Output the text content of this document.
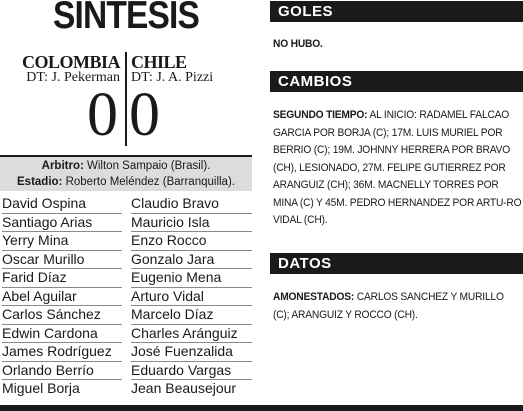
SINTESIS
COLOMBIA CHILE
DT: J. Pekerman DT: J. A. Pizzi
0 0
Arbitro: Wilton Sampaio (Brasil).
Estadio: Roberto Meléndez (Barranquilla).
David Ospina
Santiago Arias
Yerry Mina
Oscar Murillo
Farid Díaz
Abel Aguilar
Carlos Sánchez
Edwin Cardona
James Rodríguez
Orlando Berrío
Miguel Borja
Claudio Bravo
Mauricio Isla
Enzo Rocco
Gonzalo Jara
Eugenio Mena
Arturo Vidal
Marcelo Díaz
Charles Aránguiz
José Fuenzalida
Eduardo Vargas
Jean Beausejour
GOLES
NO HUBO.
CAMBIOS
SEGUNDO TIEMPO: AL INICIO: RADAMEL FALCAO GARCIA POR BORJA (C); 17M. LUIS MURIEL POR BERRIO (C); 19M. JOHNNY HERRERA POR BRAVO (CH), LESIONADO, 27M. FELIPE GUTIERREZ POR ARANGUIZ (CH); 36M. MACNELLY TORRES POR MINA (C) Y 45M. PEDRO HERNANDEZ POR ARTU-RO VIDAL (CH).
DATOS
AMONESTADOS: CARLOS SANCHEZ Y MURILLO (C); ARANGUIZ Y ROCCO (CH).
